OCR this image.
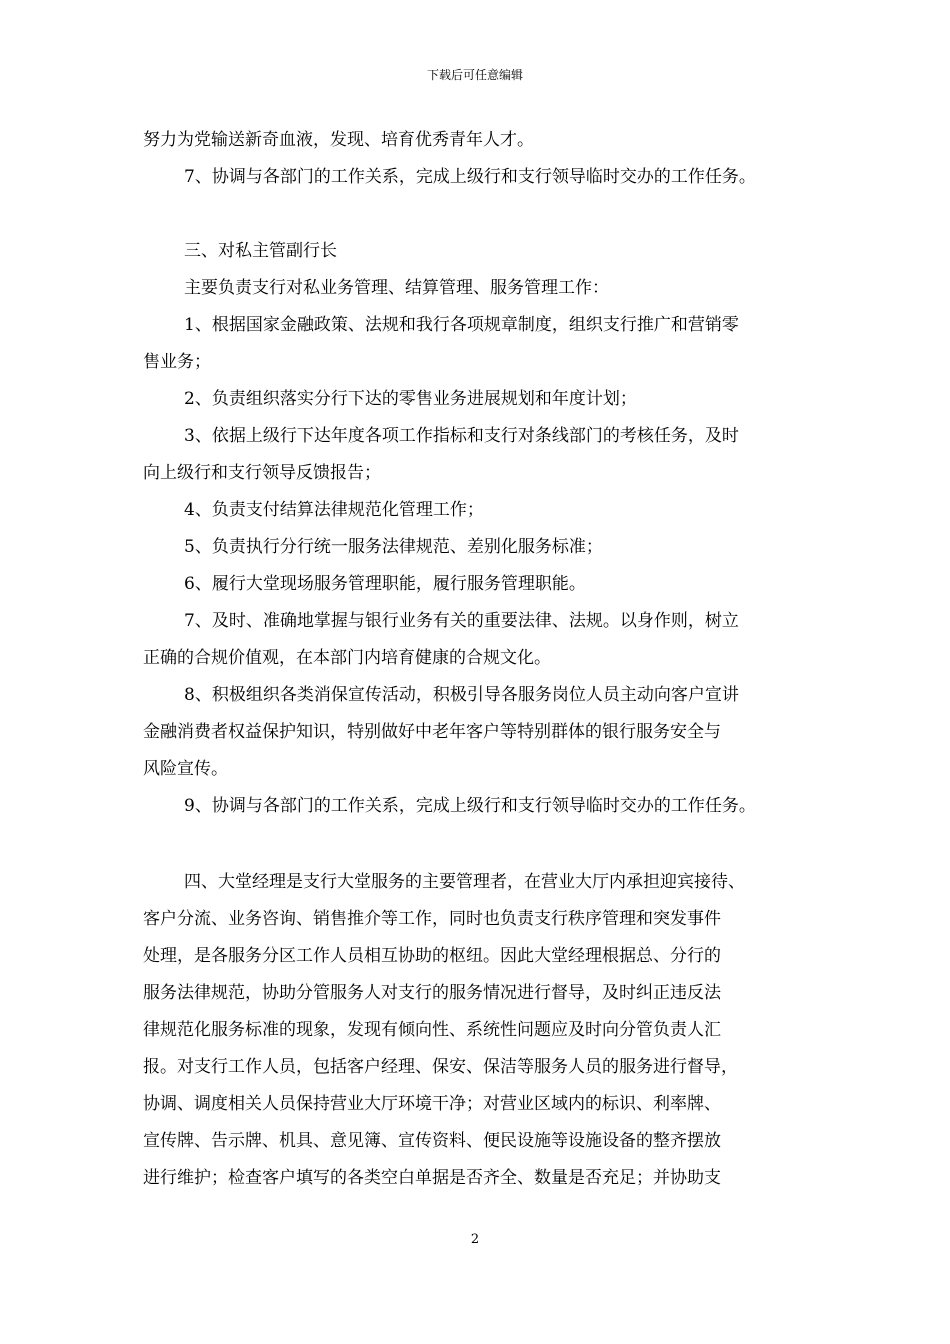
下载后可任意编辑
努力为党输送新奇血液，发现、培育优秀青年人才。
7、协调与各部门的工作关系，完成上级行和支行领导临时交办的工作任务。
三、对私主管副行长
主要负责支行对私业务管理、结算管理、服务管理工作：
1、根据国家金融政策、法规和我行各项规章制度，组织支行推广和营销零
售业务；
2、负责组织落实分行下达的零售业务进展规划和年度计划；
3、依据上级行下达年度各项工作指标和支行对条线部门的考核任务，及时
向上级行和支行领导反馈报告；
4、负责支付结算法律规范化管理工作；
5、负责执行分行统一服务法律规范、差别化服务标准；
6、履行大堂现场服务管理职能，履行服务管理职能。
7、及时、准确地掌握与银行业务有关的重要法律、法规。以身作则，树立
正确的合规价值观，在本部门内培育健康的合规文化。
8、积极组织各类消保宣传活动，积极引导各服务岗位人员主动向客户宣讲
金融消费者权益保护知识，特别做好中老年客户等特别群体的银行服务安全与
风险宣传。
9、协调与各部门的工作关系，完成上级行和支行领导临时交办的工作任务。
四、大堂经理是支行大堂服务的主要管理者，在营业大厅内承担迎宾接待、
客户分流、业务咨询、销售推介等工作，同时也负责支行秩序管理和突发事件
处理，是各服务分区工作人员相互协助的枢纽。因此大堂经理根据总、分行的
服务法律规范，协助分管服务人对支行的服务情况进行督导，及时纠正违反法
律规范化服务标准的现象，发现有倾向性、系统性问题应及时向分管负责人汇
报。对支行工作人员，包括客户经理、保安、保洁等服务人员的服务进行督导，
协调、调度相关人员保持营业大厅环境干净；对营业区域内的标识、利率牌、
宣传牌、告示牌、机具、意见簿、宣传资料、便民设施等设施设备的整齐摆放
进行维护；检查客户填写的各类空白单据是否齐全、数量是否充足；并协助支
2
